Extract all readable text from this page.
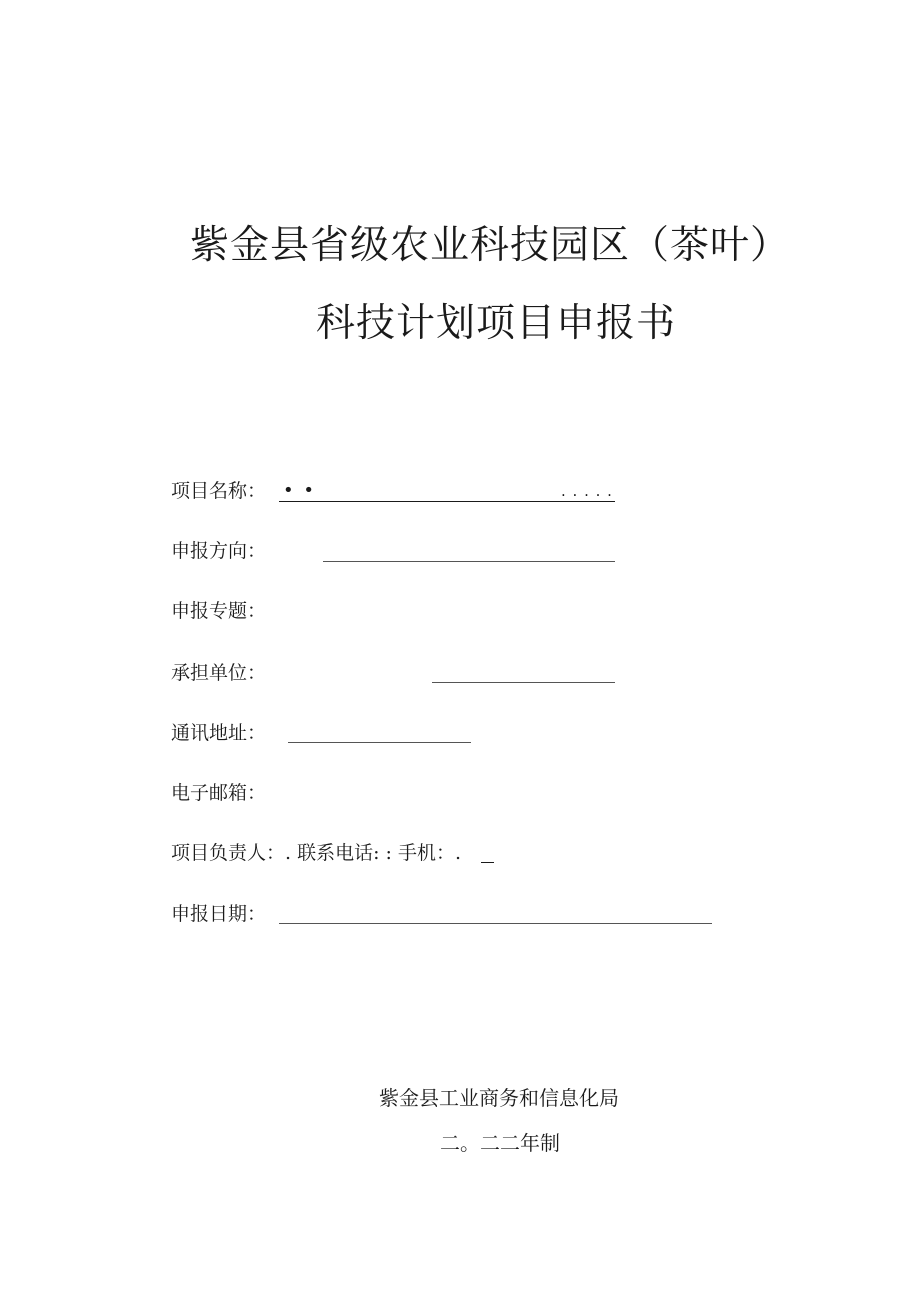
紫金县省级农业科技园区（茶叶）
科技计划项目申报书
项目名称： • •	. . . . .
申报方向：
申报专题：
承担单位：
通讯地址：
电子邮箱：
项目负责人：. 联系电话: : 手机：.
申报日期：
紫金县工业商务和信息化局
二。二二年制
